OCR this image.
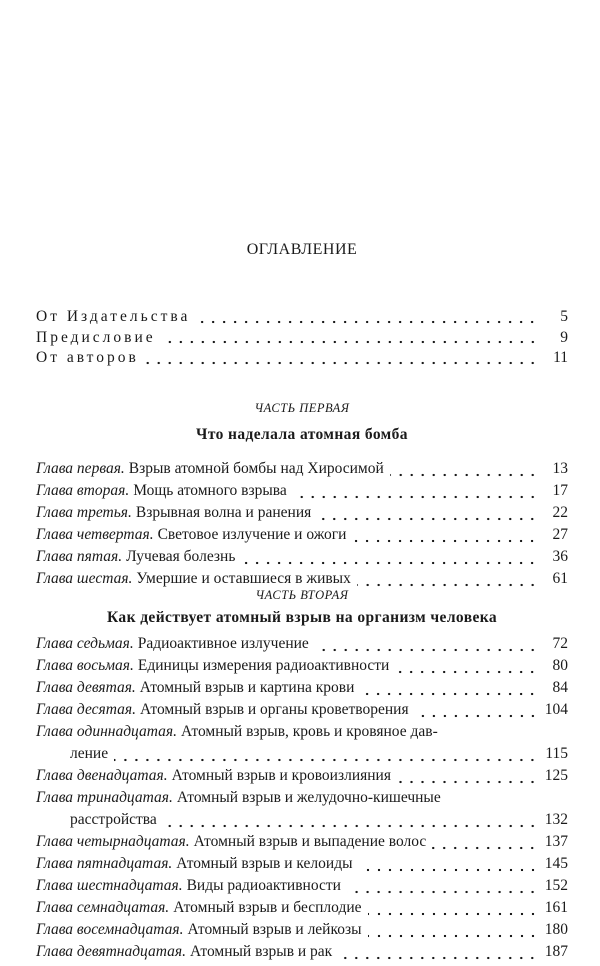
ОГЛАВЛЕНИЕ
От Издательства	5
Предисловие	9
От авторов	11
ЧАСТЬ ПЕРВАЯ
Что наделала атомная бомба
Глава первая. Взрыв атомной бомбы над Хиросимой	13
Глава вторая. Мощь атомного взрыва	17
Глава третья. Взрывная волна и ранения	22
Глава четвертая. Световое излучение и ожоги	27
Глава пятая. Лучевая болезнь	36
Глава шестая. Умершие и оставшиеся в живых	61
ЧАСТЬ ВТОРАЯ
Как действует атомный взрыв на организм человека
Глава седьмая. Радиоактивное излучение	72
Глава восьмая. Единицы измерения радиоактивности	80
Глава девятая. Атомный взрыв и картина крови	84
Глава десятая. Атомный взрыв и органы кроветворения	104
Глава одиннадцатая. Атомный взрыв, кровь и кровяное дав-
ление	115
Глава двенадцатая. Атомный взрыв и кровоизлияния	125
Глава тринадцатая. Атомный взрыв и желудочно-кишечные
расстройства	132
Глава четырнадцатая. Атомный взрыв и выпадение волос	137
Глава пятнадцатая. Атомный взрыв и келоиды	145
Глава шестнадцатая. Виды радиоактивности	152
Глава семнадцатая. Атомный взрыв и бесплодие	161
Глава восемнадцатая. Атомный взрыв и лейкозы	180
Глава девятнадцатая. Атомный взрыв и рак	187
